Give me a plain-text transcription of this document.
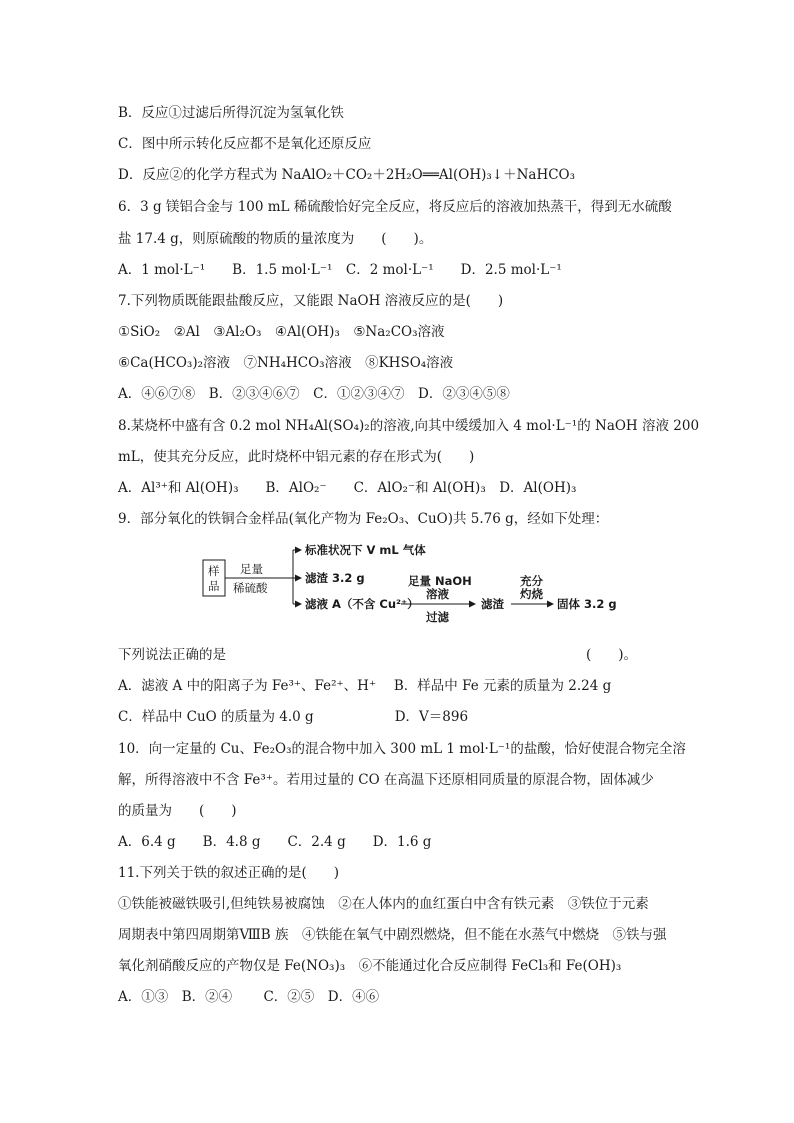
B．反应①过滤后所得沉淀为氢氧化铁
C．图中所示转化反应都不是氧化还原反应
D．反应②的化学方程式为 NaAlO₂＋CO₂＋2H₂O══Al(OH)₃↓＋NaHCO₃
6．3 g 镁铝合金与 100 mL 稀硫酸恰好完全反应，将反应后的溶液加热蒸干，得到无水硫酸
盐 17.4 g，则原硫酸的物质的量浓度为　　(　　)。
A．1 mol·L⁻¹　　B．1.5 mol·L⁻¹　C．2 mol·L⁻¹　　D．2.5 mol·L⁻¹
7.下列物质既能跟盐酸反应，又能跟 NaOH 溶液反应的是(　　)
①SiO₂　②Al　③Al₂O₃　④Al(OH)₃　⑤Na₂CO₃溶液
⑥Ca(HCO₃)₂溶液　⑦NH₄HCO₃溶液　⑧KHSO₄溶液
A．④⑥⑦⑧　B．②③④⑥⑦　C．①②③④⑦　D．②③④⑤⑧
8.某烧杯中盛有含 0.2 mol NH₄Al(SO₄)₂的溶液,向其中缓缓加入 4 mol·L⁻¹的 NaOH 溶液 200
mL，使其充分反应，此时烧杯中铝元素的存在形式为(　　)
A．Al³⁺和 Al(OH)₃　　B．AlO₂⁻　　C．AlO₂⁻和 Al(OH)₃　D．Al(OH)₃
9．部分氧化的铁铜合金样品(氧化产物为 Fe₂O₃、CuO)共 5.76 g，经如下处理：
下列说法正确的是	(　　)。
A．滤液 A 中的阳离子为 Fe³⁺、Fe²⁺、H⁺　 B．样品中 Fe 元素的质量为 2.24 g
C．样品中 CuO 的质量为 4.0 g　　　　　　D．V＝896
10．向一定量的 Cu、Fe₂O₃的混合物中加入 300 mL 1 mol·L⁻¹的盐酸，恰好使混合物完全溶
解，所得溶液中不含 Fe³⁺。若用过量的 CO 在高温下还原相同质量的原混合物，固体减少
的质量为　　(　　)
A．6.4 g　　B．4.8 g　　C．2.4 g　　D．1.6 g
11.下列关于铁的叙述正确的是(　　)
①铁能被磁铁吸引,但纯铁易被腐蚀　②在人体内的血红蛋白中含有铁元素　③铁位于元素
周期表中第四周期第ⅧB 族　④铁能在氧气中剧烈燃烧，但不能在水蒸气中燃烧　⑤铁与强
氧化剂硝酸反应的产物仅是 Fe(NO₃)₃　⑥不能通过化合反应制得 FeCl₃和 Fe(OH)₃
A．①③　B．②④　　 C．②⑤　D．④⑥
样品
足量
稀硫酸
标准状况下 V mL 气体
滤渣 3.2 g
滤液 A（不含 Cu²⁺）
足量 NaOH
溶液
过滤
滤渣
充分
灼烧
固体 3.2 g
